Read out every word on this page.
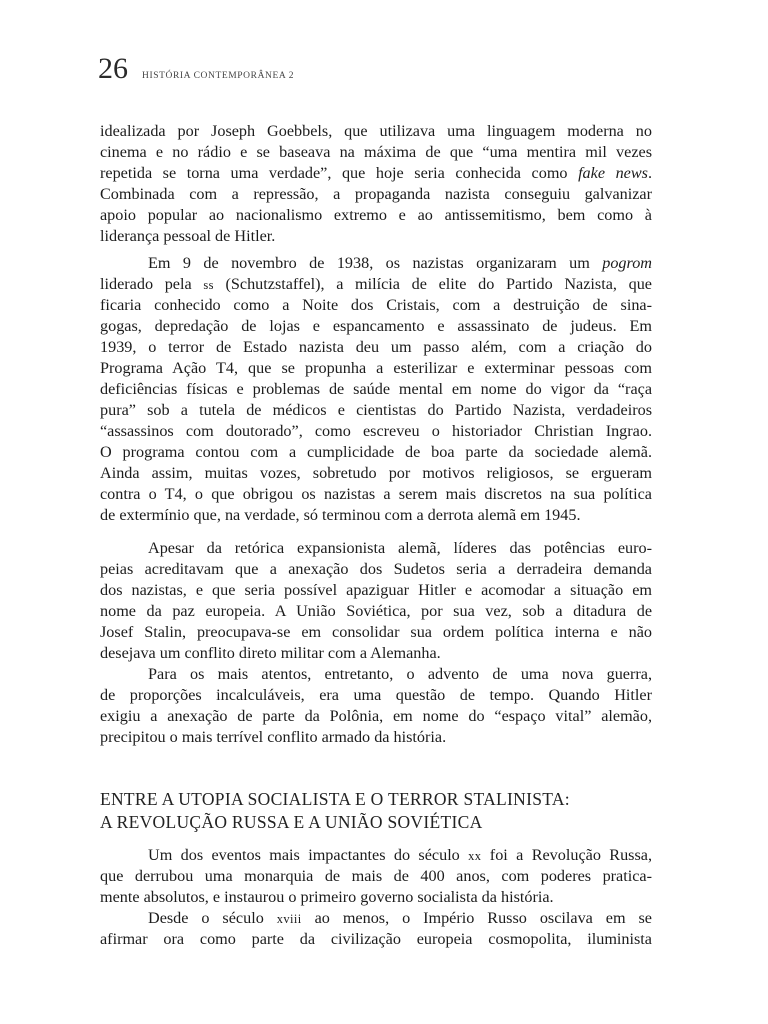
26 HISTÓRIA CONTEMPORÂNEA 2
idealizada por Joseph Goebbels, que utilizava uma linguagem moderna no
cinema e no rádio e se baseava na máxima de que “uma mentira mil vezes
repetida se torna uma verdade”, que hoje seria conhecida como fake news.
Combinada com a repressão, a propaganda nazista conseguiu galvanizar
apoio popular ao nacionalismo extremo e ao antissemitismo, bem como à
liderança pessoal de Hitler.
Em 9 de novembro de 1938, os nazistas organizaram um pogrom
liderado pela ss (Schutzstaffel), a milícia de elite do Partido Nazista, que
ficaria conhecido como a Noite dos Cristais, com a destruição de sina-
gogas, depredação de lojas e espancamento e assassinato de judeus. Em
1939, o terror de Estado nazista deu um passo além, com a criação do
Programa Ação T4, que se propunha a esterilizar e exterminar pessoas com
deficiências físicas e problemas de saúde mental em nome do vigor da “raça
pura” sob a tutela de médicos e cientistas do Partido Nazista, verdadeiros
“assassinos com doutorado”, como escreveu o historiador Christian Ingrao.
O programa contou com a cumplicidade de boa parte da sociedade alemã.
Ainda assim, muitas vozes, sobretudo por motivos religiosos, se ergueram
contra o T4, o que obrigou os nazistas a serem mais discretos na sua política
de extermínio que, na verdade, só terminou com a derrota alemã em 1945.
Apesar da retórica expansionista alemã, líderes das potências euro-
peias acreditavam que a anexação dos Sudetos seria a derradeira demanda
dos nazistas, e que seria possível apaziguar Hitler e acomodar a situação em
nome da paz europeia. A União Soviética, por sua vez, sob a ditadura de
Josef Stalin, preocupava-se em consolidar sua ordem política interna e não
desejava um conflito direto militar com a Alemanha.
Para os mais atentos, entretanto, o advento de uma nova guerra,
de proporções incalculáveis, era uma questão de tempo. Quando Hitler
exigiu a anexação de parte da Polônia, em nome do “espaço vital” alemão,
precipitou o mais terrível conflito armado da história.
ENTRE A UTOPIA SOCIALISTA E O TERROR STALINISTA:
A REVOLUÇÃO RUSSA E A UNIÃO SOVIÉTICA
Um dos eventos mais impactantes do século xx foi a Revolução Russa,
que derrubou uma monarquia de mais de 400 anos, com poderes pratica-
mente absolutos, e instaurou o primeiro governo socialista da história.
Desde o século xviii ao menos, o Império Russo oscilava em se
afirmar ora como parte da civilização europeia cosmopolita, iluminista
